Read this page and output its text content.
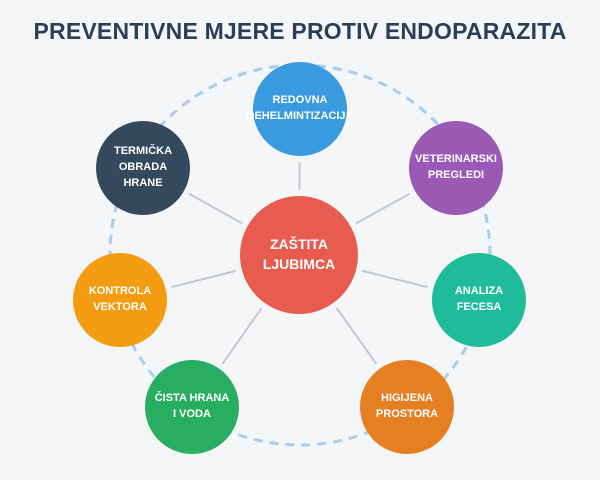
PREVENTIVNE MJERE PROTIV ENDOPARAZITA
ZAŠTITA
LJUBIMCA
REDOVNA
DEHELMINTIZACIJA
VETERINARSKI
PREGLEDI
ANALIZA
FECESA
HIGIJENA
PROSTORA
ČISTA HRANA
I VODA
KONTROLA
VEKTORA
TERMIČKA
OBRADA HRANE
